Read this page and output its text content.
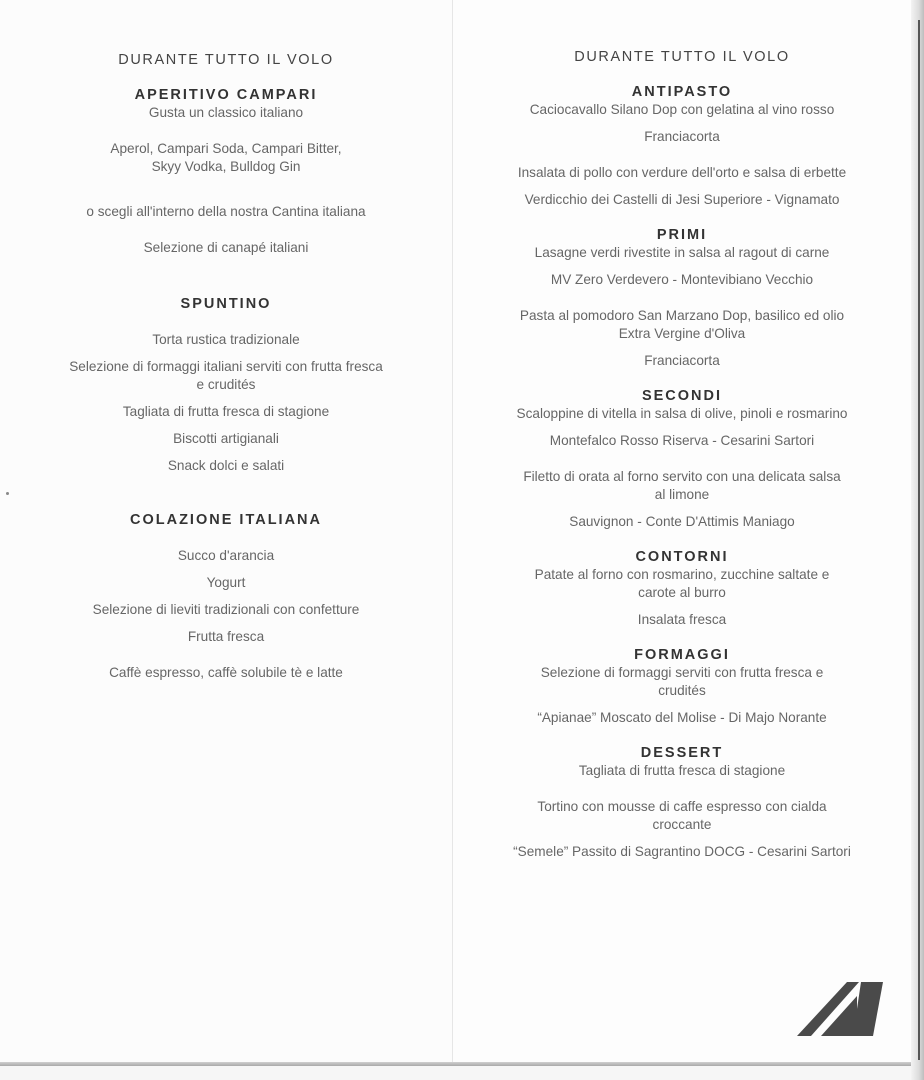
DURANTE TUTTO IL VOLO

APERITIVO CAMPARI

Gusta un classico italiano

Aperol, Campari Soda, Campari Bitter,

Skyy Vodka, Bulldog Gin

o scegli all'interno della nostra Cantina italiana

Selezione di canapé italiani

SPUNTINO

Torta rustica tradizionale

Selezione di formaggi italiani serviti con frutta fresca

e crudités

Tagliata di frutta fresca di stagione

Biscotti artigianali

Snack dolci e salati

COLAZIONE ITALIANA

Succo d'arancia

Yogurt

Selezione di lieviti tradizionali con confetture

Frutta fresca

Caffè espresso, caffè solubile tè e latte

DURANTE TUTTO IL VOLO

ANTIPASTO

Caciocavallo Silano Dop con gelatina al vino rosso

Franciacorta

Insalata di pollo con verdure dell'orto e salsa di erbette

Verdicchio dei Castelli di Jesi Superiore - Vignamato

PRIMI

Lasagne verdi rivestite in salsa al ragout di carne

MV Zero Verdevero - Montevibiano Vecchio

Pasta al pomodoro San Marzano Dop, basilico ed olio

Extra Vergine d'Oliva

Franciacorta

SECONDI

Scaloppine di vitella in salsa di olive, pinoli e rosmarino

Montefalco Rosso Riserva - Cesarini Sartori

Filetto di orata al forno servito con una delicata salsa

al limone

Sauvignon - Conte D'Attimis Maniago

CONTORNI

Patate al forno con rosmarino, zucchine saltate e

carote al burro

Insalata fresca

FORMAGGI

Selezione di formaggi serviti con frutta fresca e

crudités

“Apianae” Moscato del Molise - Di Majo Norante

DESSERT

Tagliata di frutta fresca di stagione

Tortino con mousse di caffe espresso con cialda

croccante

“Semele” Passito di Sagrantino DOCG - Cesarini Sartori
